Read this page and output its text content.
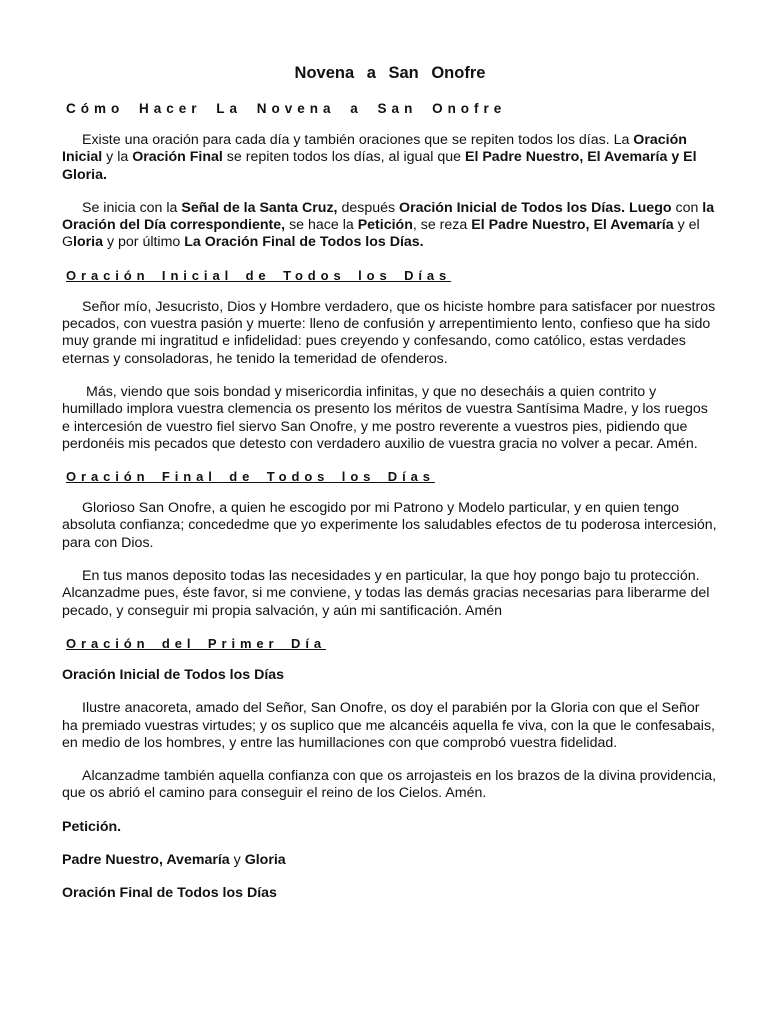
Novena a San Onofre
Cómo Hacer La Novena a San Onofre

Existe una oración para cada día y también oraciones que se repiten todos los días. La Oración Inicial y la Oración Final se repiten todos los días, al igual que El Padre Nuestro, El Avemaría y El Gloria.

Se inicia con la Señal de la Santa Cruz, después Oración Inicial de Todos los Días. Luego con la Oración del Día correspondiente, se hace la Petición, se reza El Padre Nuestro, El Avemaría y el Gloria y por último La Oración Final de Todos los Días.

Oración Inicial de Todos los Días

Señor mío, Jesucristo, Dios y Hombre verdadero, que os hiciste hombre para satisfacer por nuestros pecados, con vuestra pasión y muerte: lleno de confusión y arrepentimiento lento, confieso que ha sido muy grande mi ingratitud e infidelidad: pues creyendo y confesando, como católico, estas verdades eternas y consoladoras, he tenido la temeridad de ofenderos.

Más, viendo que sois bondad y misericordia infinitas, y que no desecháis a quien contrito y humillado implora vuestra clemencia os presento los méritos de vuestra Santísima Madre, y los ruegos e intercesión de vuestro fiel siervo San Onofre, y me postro reverente a vuestros pies, pidiendo que perdonéis mis pecados que detesto con verdadero auxilio de vuestra gracia no volver a pecar. Amén.

Oración Final de Todos los Días

Glorioso San Onofre, a quien he escogido por mi Patrono y Modelo particular, y en quien tengo absoluta confianza; concededme que yo experimente los saludables efectos de tu poderosa intercesión, para con Dios.

En tus manos deposito todas las necesidades y en particular, la que hoy pongo bajo tu protección. Alcanzadme pues, éste favor, si me conviene, y todas las demás gracias necesarias para liberarme del pecado, y conseguir mi propia salvación, y aún mi santificación. Amén

Oración del Primer Día
Oración Inicial de Todos los Días

Ilustre anacoreta, amado del Señor, San Onofre, os doy el parabién por la Gloria con que el Señor ha premiado vuestras virtudes; y os suplico que me alcancéis aquella fe viva, con la que le confesabais, en medio de los hombres, y entre las humillaciones con que comprobó vuestra fidelidad.

Alcanzadme también aquella confianza con que os arrojasteis en los brazos de la divina providencia, que os abrió el camino para conseguir el reino de los Cielos. Amén.

Petición.
Padre Nuestro, Avemaría y Gloria
Oración Final de Todos los Días
